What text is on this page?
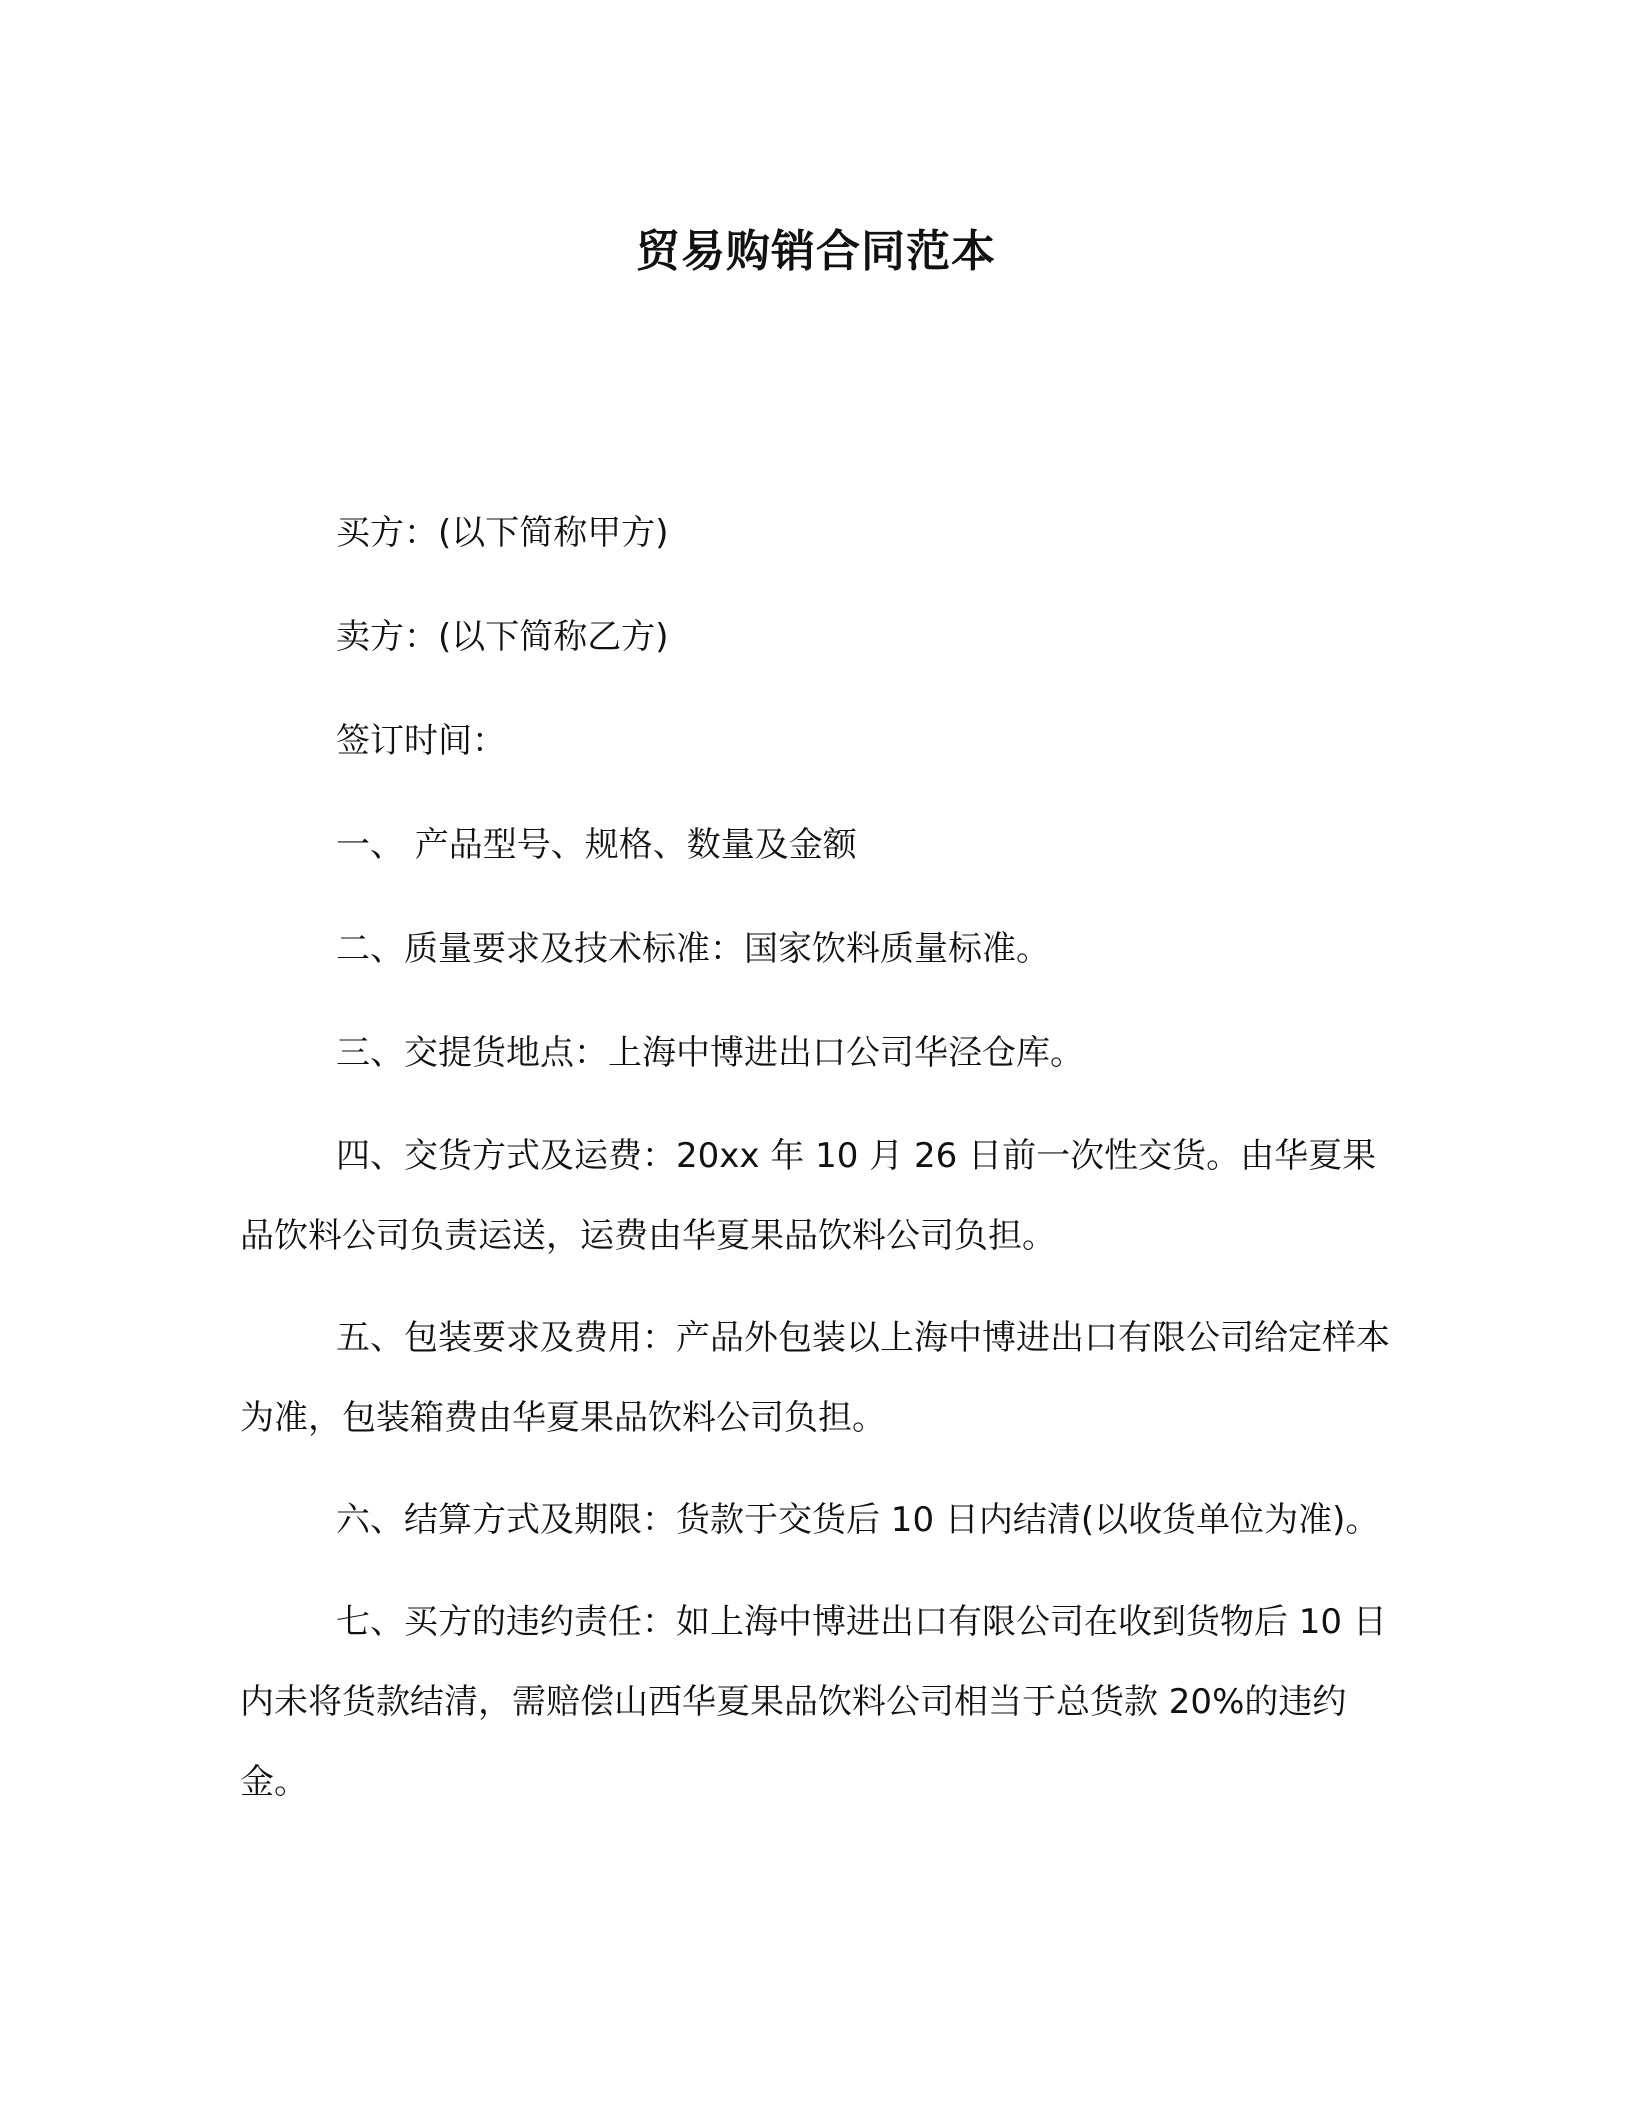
贸易购销合同范本

买方：(以下简称甲方)

卖方：(以下简称乙方)

签订时间：

一、 产品型号、规格、数量及金额

二、质量要求及技术标准：国家饮料质量标准。

三、交提货地点：上海中博进出口公司华泾仓库。

四、交货方式及运费：20xx 年 10 月 26 日前一次性交货。由华夏果品饮料公司负责运送，运费由华夏果品饮料公司负担。

五、包装要求及费用：产品外包装以上海中博进出口有限公司给定样本为准，包装箱费由华夏果品饮料公司负担。

六、结算方式及期限：货款于交货后 10 日内结清(以收货单位为准)。

七、买方的违约责任：如上海中博进出口有限公司在收到货物后 10 日内未将货款结清，需赔偿山西华夏果品饮料公司相当于总货款 20%的违约金。
